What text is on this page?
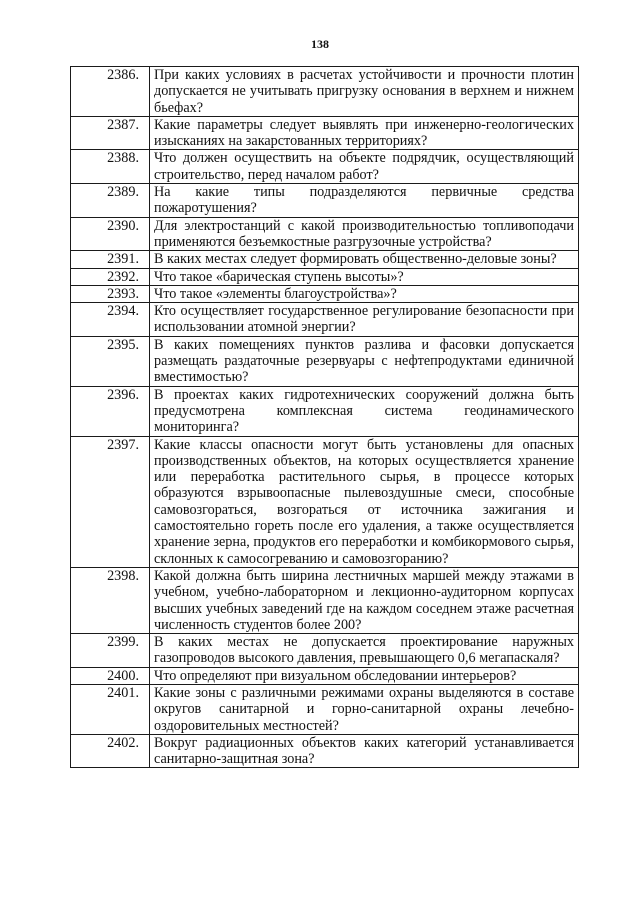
138
2386.	При каких условиях в расчетах устойчивости и прочности плотин допускается не учитывать пригрузку основания в верхнем и нижнем бьефах?
2387.	Какие параметры следует выявлять при инженерно-геологических изысканиях на закарстованных территориях?
2388.	Что должен осуществить на объекте подрядчик, осуществляющий строительство, перед началом работ?
2389.	На какие типы подразделяются первичные средства пожаротушения?
2390.	Для электростанций с какой производительностью топливоподачи применяются безъемкостные разгрузочные устройства?
2391.	В каких местах следует формировать общественно-деловые зоны?
2392.	Что такое «барическая ступень высоты»?
2393.	Что такое «элементы благоустройства»?
2394.	Кто осуществляет государственное регулирование безопасности при использовании атомной энергии?
2395.	В каких помещениях пунктов разлива и фасовки допускается размещать раздаточные резервуары с нефтепродуктами единичной вместимостью?
2396.	В проектах каких гидротехнических сооружений должна быть предусмотрена комплексная система геодинамического мониторинга?
2397.	Какие классы опасности могут быть установлены для опасных производственных объектов, на которых осуществляется хранение или переработка растительного сырья, в процессе которых образуются взрывоопасные пылевоздушные смеси, способные самовозгораться, возгораться от источника зажигания и самостоятельно гореть после его удаления, а также осуществляется хранение зерна, продуктов его переработки и комбикормового сырья, склонных к самосогреванию и самовозгоранию?
2398.	Какой должна быть ширина лестничных маршей между этажами в учебном, учебно-лабораторном и лекционно-аудиторном корпусах высших учебных заведений где на каждом соседнем этаже расчетная численность студентов более 200?
2399.	В каких местах не допускается проектирование наружных газопроводов высокого давления, превышающего 0,6 мегапаскаля?
2400.	Что определяют при визуальном обследовании интерьеров?
2401.	Какие зоны с различными режимами охраны выделяются в составе округов санитарной и горно-санитарной охраны лечебно-оздоровительных местностей?
2402.	Вокруг радиационных объектов каких категорий устанавливается санитарно-защитная зона?
